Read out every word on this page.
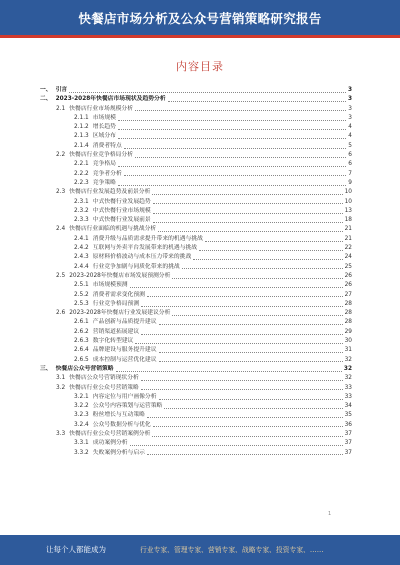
快餐店市场分析及公众号营销策略研究报告
内容目录
一、 引言	3
二、 2023-2028年快餐店市场现状及趋势分析	3
2.1 快餐店行业市场规模分析	3
2.1.1 市场规模	3
2.1.2 增长趋势	4
2.1.3 区域分布	4
2.1.4 消费者特点	5
2.2 快餐店行业竞争格局分析	6
2.2.1 竞争格局	6
2.2.2 竞争者分析	7
2.2.3 竞争策略	9
2.3 快餐店行业发展趋势及前景分析	10
2.3.1 中式快餐行业发展趋势	10
2.3.2 中式快餐行业市场规模	13
2.3.3 中式快餐行业发展前景	18
2.4 快餐店行业面临的机遇与挑战分析	21
2.4.1 消费升级与品质需求提升带来的机遇与挑战	21
2.4.2 互联网与外卖平台发展带来的机遇与挑战	22
2.4.3 原材料价格波动与成本压力带来的挑战	24
2.4.4 行业竞争加剧与同质化带来的挑战	25
2.5 2023-2028年快餐店市场发展预测分析	26
2.5.1 市场规模预测	26
2.5.2 消费者需求变化预测	27
2.5.3 行业竞争格局预测	28
2.6 2023-2028年快餐店行业发展建议分析	28
2.6.1 产品创新与品质提升建议	28
2.6.2 营销渠道拓展建议	29
2.6.3 数字化转型建议	30
2.6.4 品牌建设与服务提升建议	31
2.6.5 成本控制与运营优化建议	32
三、 快餐店公众号营销策略	32
3.1 快餐店公众号营销现状分析	32
3.2 快餐店行业公众号营销策略	33
3.2.1 内容定位与用户画像分析	33
3.2.2 公众号内容策划与运营策略	34
3.2.3 粉丝增长与互动策略	35
3.2.4 公众号数据分析与优化	36
3.3 快餐店行业公众号营销案例分析	37
3.3.1 成功案例分析	37
3.3.2 失败案例分析与启示	37
1
让每个人都能成为	行业专家、管理专家、营销专家、战略专家、投资专家、……
